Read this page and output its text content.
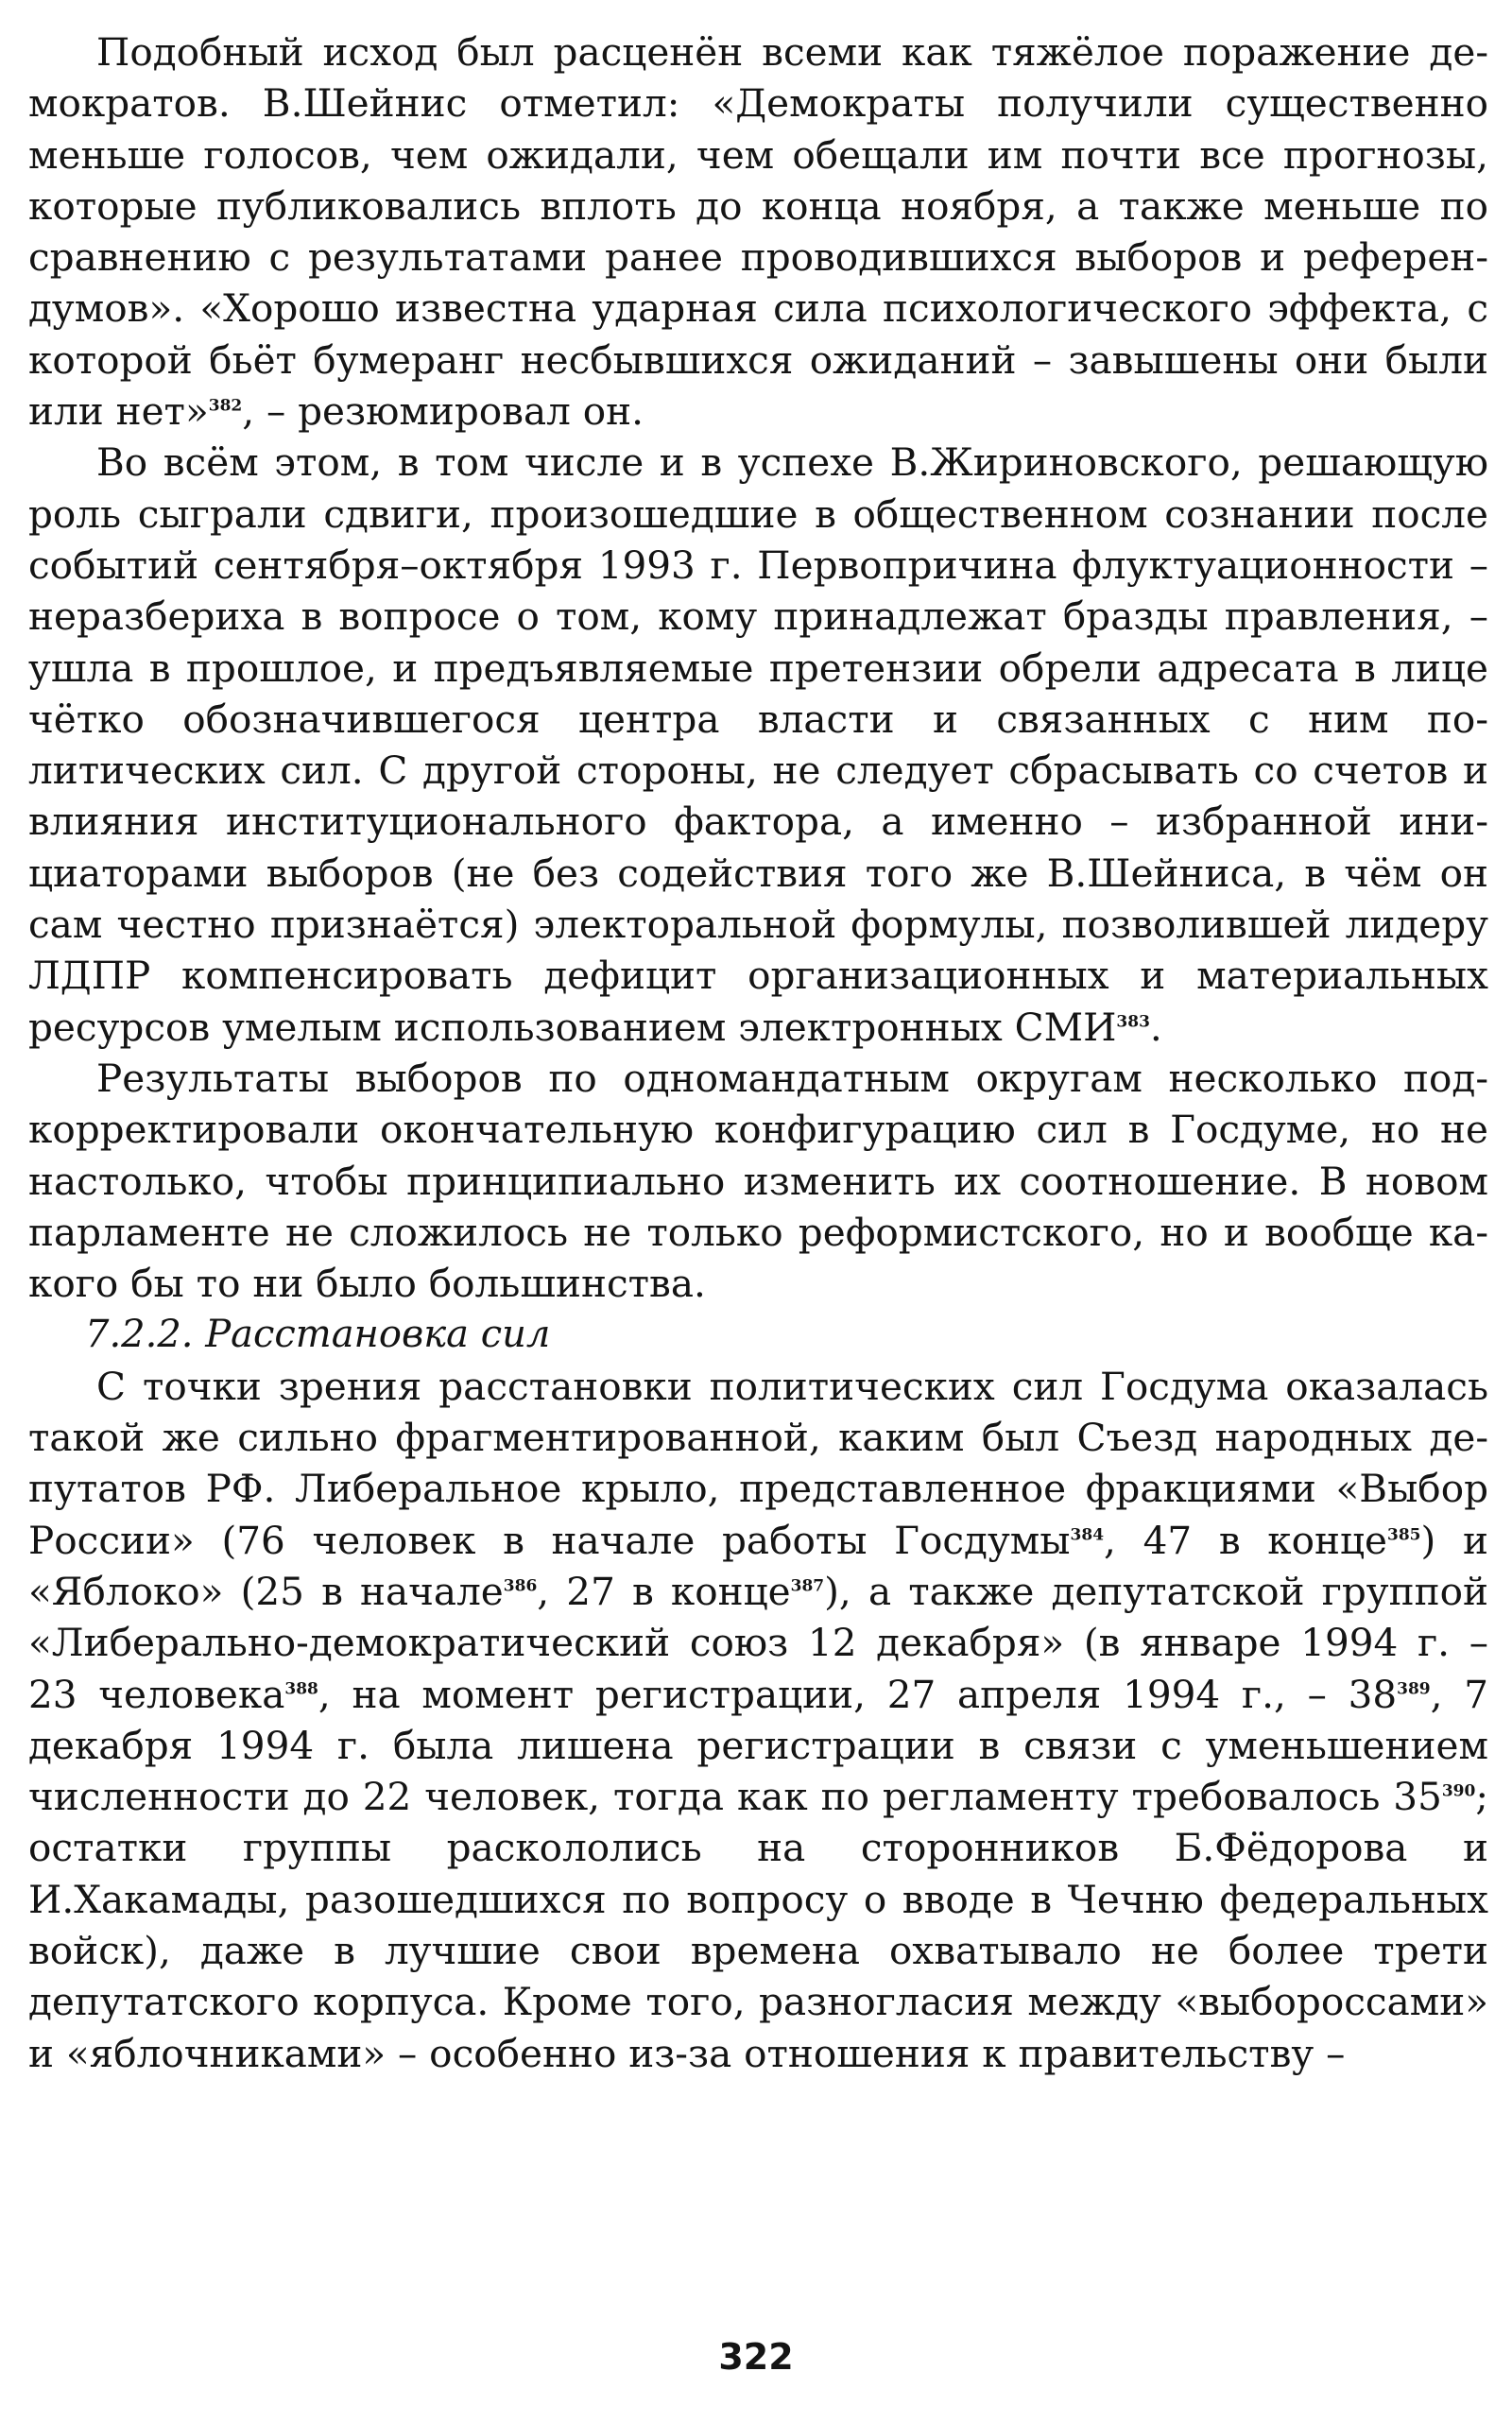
Подобный исход был расценён всеми как тяжёлое поражение демократов. В.Шейнис отметил: «Демократы получили существенно меньше голосов, чем ожидали, чем обещали им почти все прогнозы, которые публиковались вплоть до конца ноября, а также меньше по сравнению с результатами ранее проводившихся выборов и референдумов». «Хорошо известна ударная сила психологического эффекта, с которой бьёт бумеранг несбывшихся ожиданий – завышены они были или нет»$^{382}$, – резюмировал он.

Во всём этом, в том числе и в успехе В.Жириновского, решающую роль сыграли сдвиги, произошедшие в общественном сознании после событий сентября–октября 1993 г. Первопричина флуктуационности – неразбериха в вопросе о том, кому принадлежат бразды правления, – ушла в прошлое, и предъявляемые претензии обрели адресата в лице чётко обозначившегося центра власти и связанных с ним политических сил. С другой стороны, не следует сбрасывать со счетов и влияния институционального фактора, а именно – избранной инициаторами выборов (не без содействия того же В.Шейниса, в чём он сам честно признаётся) электоральной формулы, позволившей лидеру ЛДПР компенсировать дефицит организационных и материальных ресурсов умелым использованием электронных СМИ$^{383}$.

Результаты выборов по одномандатным округам несколько подкорректировали окончательную конфигурацию сил в Госдуме, но не настолько, чтобы принципиально изменить их соотношение. В новом парламенте не сложилось не только реформистского, но и вообще какого бы то ни было большинства.

7.2.2. Расстановка сил

С точки зрения расстановки политических сил Госдума оказалась такой же сильно фрагментированной, каким был Съезд народных депутатов РФ. Либеральное крыло, представленное фракциями «Выбор России» (76 человек в начале работы Госдумы$^{384}$, 47 в конце$^{385}$) и «Яблоко» (25 в начале$^{386}$, 27 в конце$^{387}$), а также депутатской группой «Либерально-демократический союз 12 декабря» (в январе 1994 г. – 23 человека$^{388}$, на момент регистрации, 27 апреля 1994 г., – $38^{389}$, 7 декабря 1994 г. была лишена регистрации в связи с уменьшением численности до 22 человек, тогда как по регламенту требовалось $35^{390}$; остатки группы раскололись на сторонников Б.Фёдорова и И.Хакамады, разошедшихся по вопросу о вводе в Чечню федеральных войск), даже в лучшие свои времена охватывало не более трети депутатского корпуса. Кроме того, разногласия между «выбороссами» и «яблочниками» – особенно из-за отношения к правительству –

322
